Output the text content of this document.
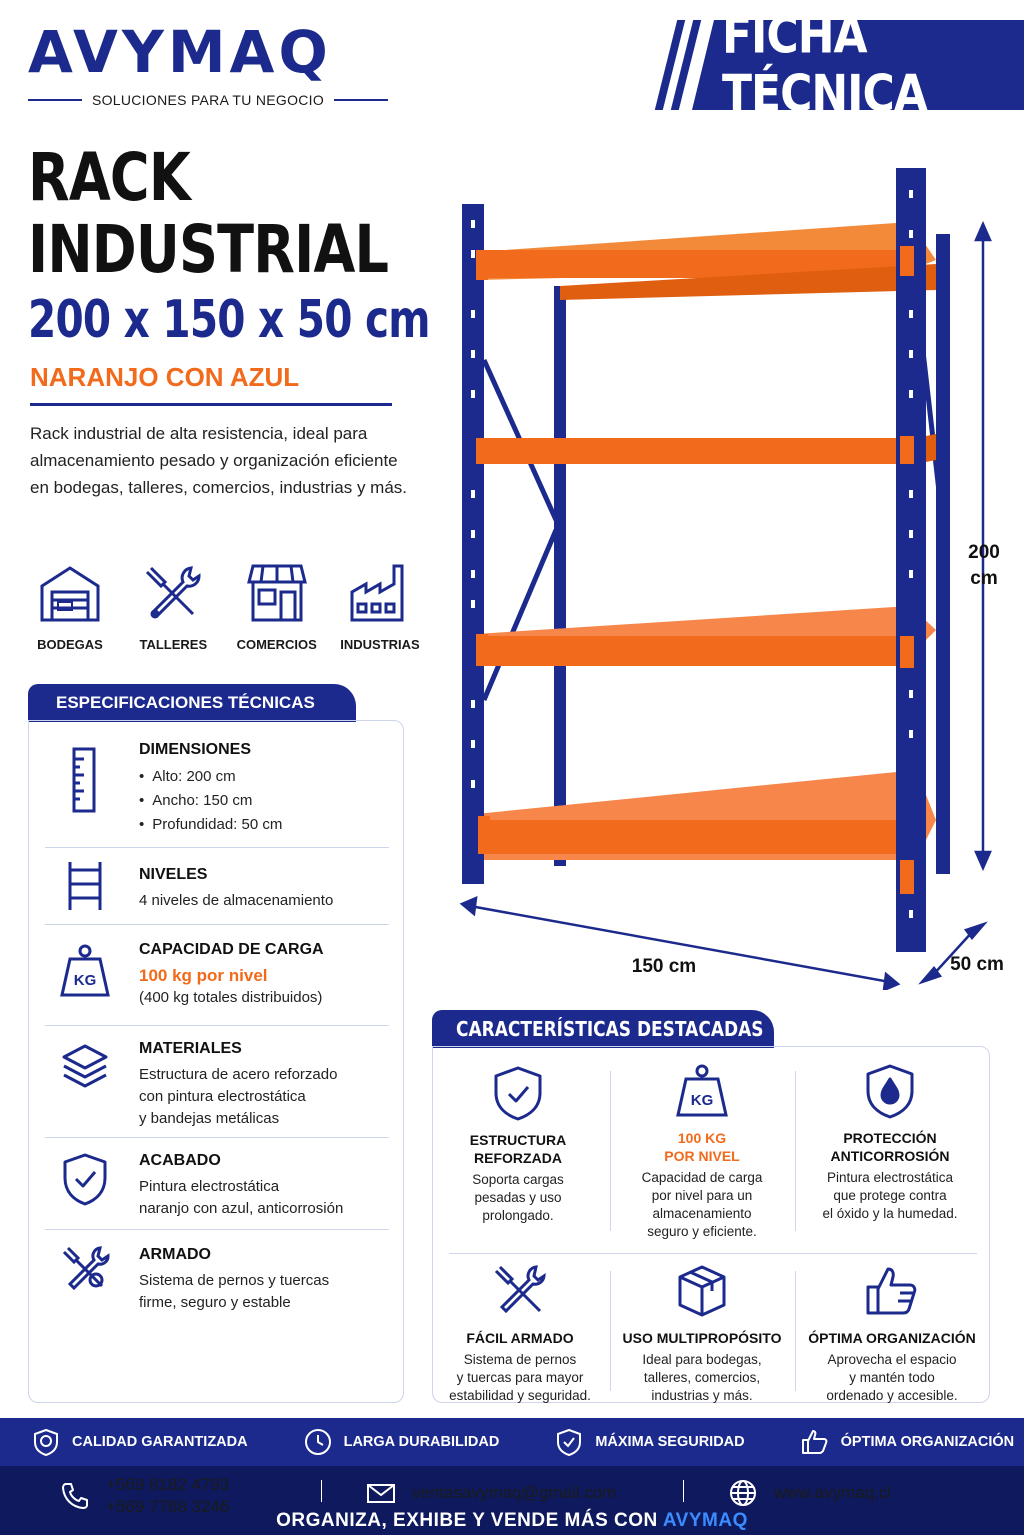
AVYMAQ
SOLUCIONES PARA TU NEGOCIO
FICHA TÉCNICA
RACK
INDUSTRIAL
200 x 150 x 50 cm
NARANJO CON AZUL
Rack industrial de alta resistencia, ideal para almacenamiento pesado y organización eficiente en bodegas, talleres, comercios, industrias y más.
BODEGAS	TALLERES	COMERCIOS	INDUSTRIAS
ESPECIFICACIONES TÉCNICAS
DIMENSIONES
• Alto: 200 cm
• Ancho: 150 cm
• Profundidad: 50 cm
NIVELES
4 niveles de almacenamiento
KG
CAPACIDAD DE CARGA
100 kg por nivel
(400 kg totales distribuidos)
MATERIALES
Estructura de acero reforzado
con pintura electrostática
y bandejas metálicas
ACABADO
Pintura electrostática
naranjo con azul, anticorrosión
ARMADO
Sistema de pernos y tuercas
firme, seguro y estable
200
cm
150 cm	50 cm
CARACTERÍSTICAS DESTACADAS
ESTRUCTURA
REFORZADA
Soporta cargas
pesadas y uso
prolongado.
KG
100 KG
POR NIVEL
Capacidad de carga
por nivel para un
almacenamiento
seguro y eficiente.
PROTECCIÓN
ANTICORROSIÓN
Pintura electrostática
que protege contra
el óxido y la humedad.
FÁCIL ARMADO
Sistema de pernos
y tuercas para mayor
estabilidad y seguridad.
USO MULTIPROPÓSITO
Ideal para bodegas,
talleres, comercios,
industrias y más.
ÓPTIMA ORGANIZACIÓN
Aprovecha el espacio
y mantén todo
ordenado y accesible.
CALIDAD GARANTIZADA	LARGA DURABILIDAD	MÁXIMA SEGURIDAD	ÓPTIMA ORGANIZACIÓN
+569 8182 4793
+569 7788 3246
ventasavymaq@gmail.com	www.avymaq.cl
ORGANIZA, EXHIBE Y VENDE MÁS CON AVYMAQ
